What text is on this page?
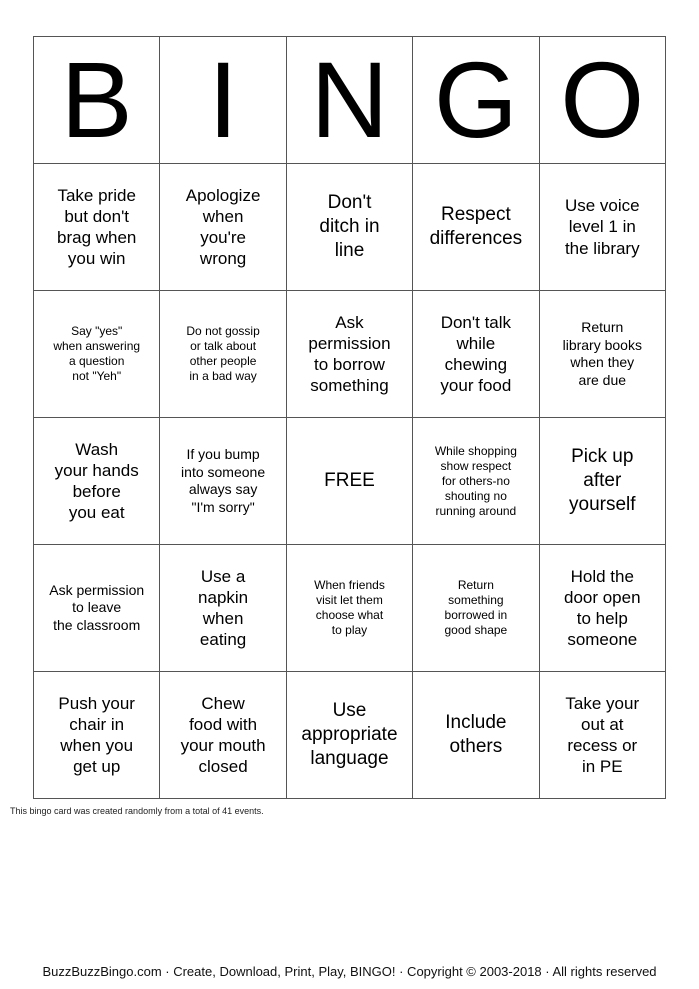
B	I	N	G	O
Take pride
but don't
brag when
you win	Apologize
when
you're
wrong	Don't
ditch in
line	Respect
differences	Use voice
level 1 in
the library
Say "yes"
when answering
a question
not "Yeh"	Do not gossip
or talk about
other people
in a bad way	Ask
permission
to borrow
something	Don't talk
while
chewing
your food	Return
library books
when they
are due
Wash
your hands
before
you eat	If you bump
into someone
always say
"I'm sorry"	FREE	While shopping
show respect
for others-no
shouting no
running around	Pick up
after
yourself
Ask permission
to leave
the classroom	Use a
napkin
when
eating	When friends
visit let them
choose what
to play	Return
something
borrowed in
good shape	Hold the
door open
to help
someone
Push your
chair in
when you
get up	Chew
food with
your mouth
closed	Use
appropriate
language	Include
others	Take your
out at
recess or
in PE
This bingo card was created randomly from a total of 41 events.
BuzzBuzzBingo.com · Create, Download, Print, Play, BINGO! · Copyright © 2003-2018 · All rights reserved
